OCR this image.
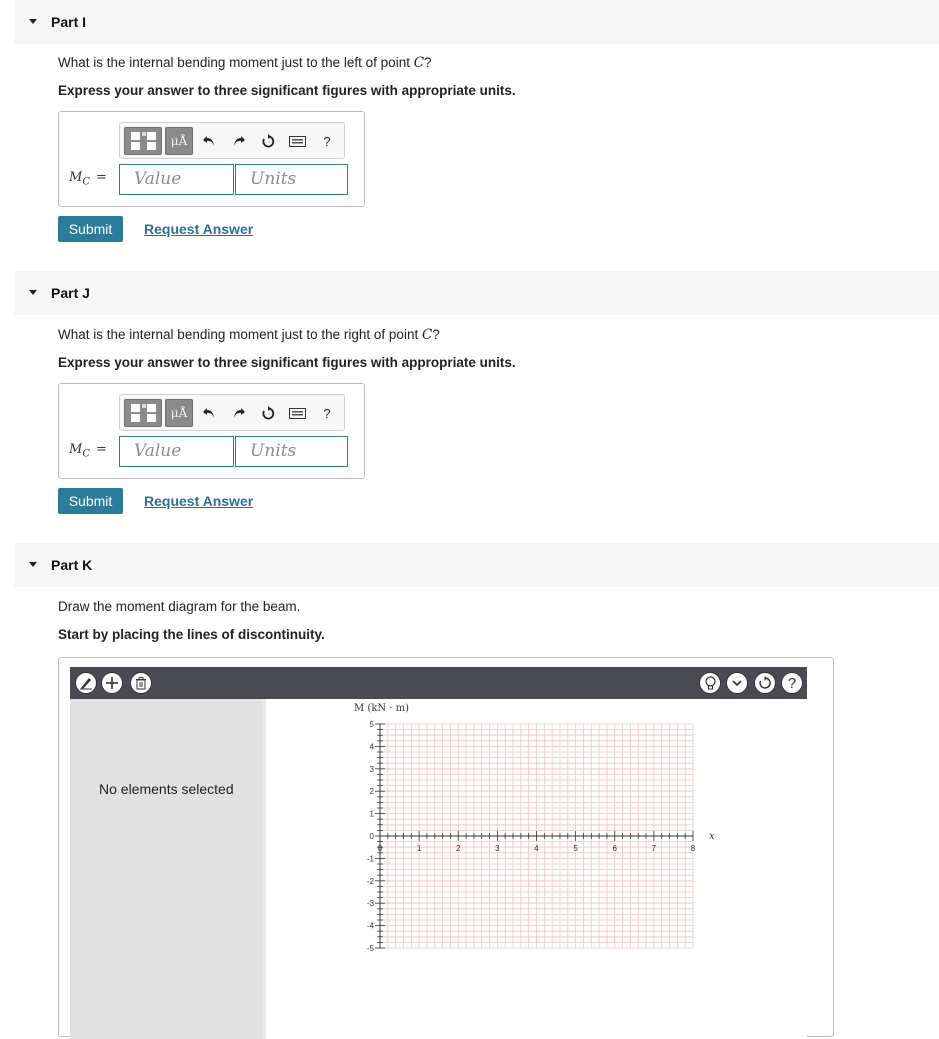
Part I
What is the internal bending moment just to the left of point C?
Express your answer to three significant figures with appropriate units.
μÅ	?
$M_C$ =	Value	Units
Submit	Request Answer
Part J
What is the internal bending moment just to the right of point C?
Express your answer to three significant figures with appropriate units.
μÅ	?
$M_C$ =	Value	Units
Submit	Request Answer
Part K
Draw the moment diagram for the beam.
Start by placing the lines of discontinuity.
?
No elements selected
0	1	2	3	4	5	6	7	8
5
4
3
2
1
0
-1
-2
-3
-4
-5
M (kN · m)
x
